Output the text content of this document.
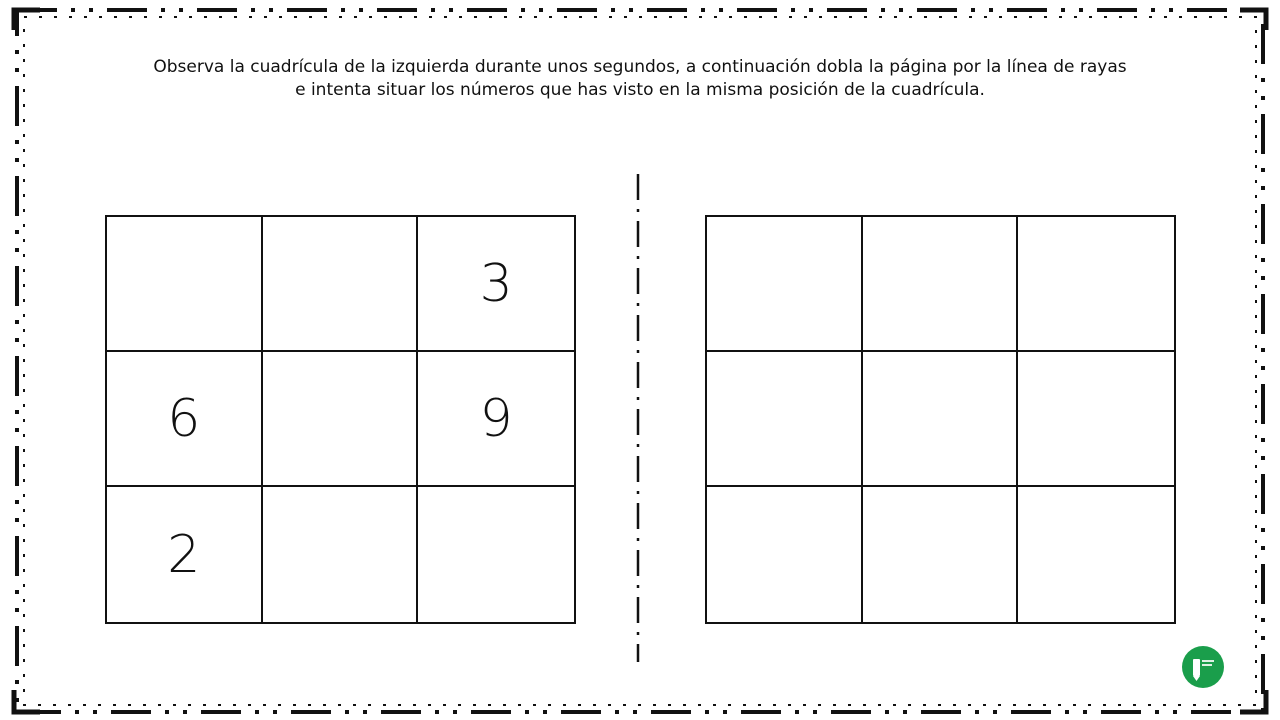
Observa la cuadrícula de la izquierda durante unos segundos, a continuación dobla la página por la línea de rayas
e intenta situar los números que has visto en la misma posición de la cuadrícula.

3
6	9
2
